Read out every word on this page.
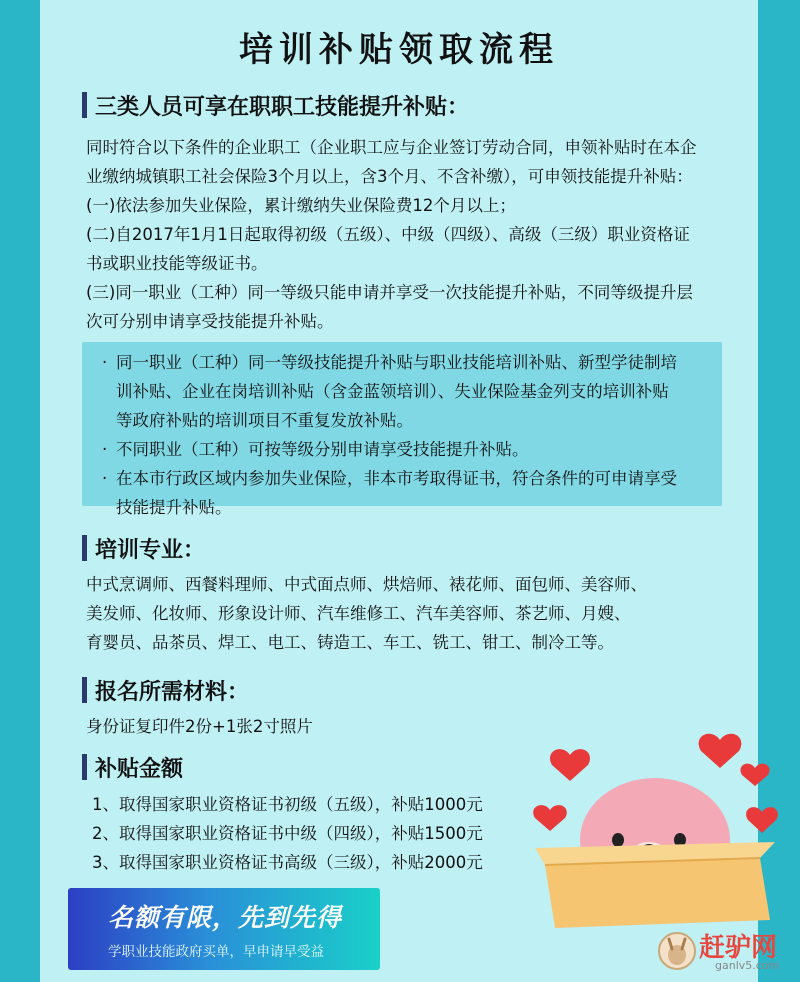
培训补贴领取流程
三类人员可享在职职工技能提升补贴：

同时符合以下条件的企业职工（企业职工应与企业签订劳动合同，申领补贴时在本企

业缴纳城镇职工社会保险3个月以上，含3个月、不含补缴），可申领技能提升补贴：

(一)依法参加失业保险，累计缴纳失业保险费12个月以上；

(二)自2017年1月1日起取得初级（五级）、中级（四级）、高级（三级）职业资格证

书或职业技能等级证书。

(三)同一职业（工种）同一等级只能申请并享受一次技能提升补贴，不同等级提升层

次可分别申请享受技能提升补贴。

· 同一职业（工种）同一等级技能提升补贴与职业技能培训补贴、新型学徒制培
训补贴、企业在岗培训补贴（含金蓝领培训）、失业保险基金列支的培训补贴
等政府补贴的培训项目不重复发放补贴。
· 不同职业（工种）可按等级分别申请享受技能提升补贴。
· 在本市行政区域内参加失业保险，非本市考取得证书，符合条件的可申请享受
技能提升补贴。
培训专业：

中式烹调师、西餐料理师、中式面点师、烘焙师、裱花师、面包师、美容师、

美发师、化妆师、形象设计师、汽车维修工、汽车美容师、茶艺师、月嫂、

育婴员、品茶员、焊工、电工、铸造工、车工、铣工、钳工、制冷工等。

报名所需材料：
身份证复印件2份+1张2寸照片
补贴金额

1、取得国家职业资格证书初级（五级），补贴1000元

2、取得国家职业资格证书中级（四级），补贴1500元

3、取得国家职业资格证书高级（三级），补贴2000元

名额有限，先到先得
学职业技能政府买单，早申请早受益	赶驴网
ganlv5.com
